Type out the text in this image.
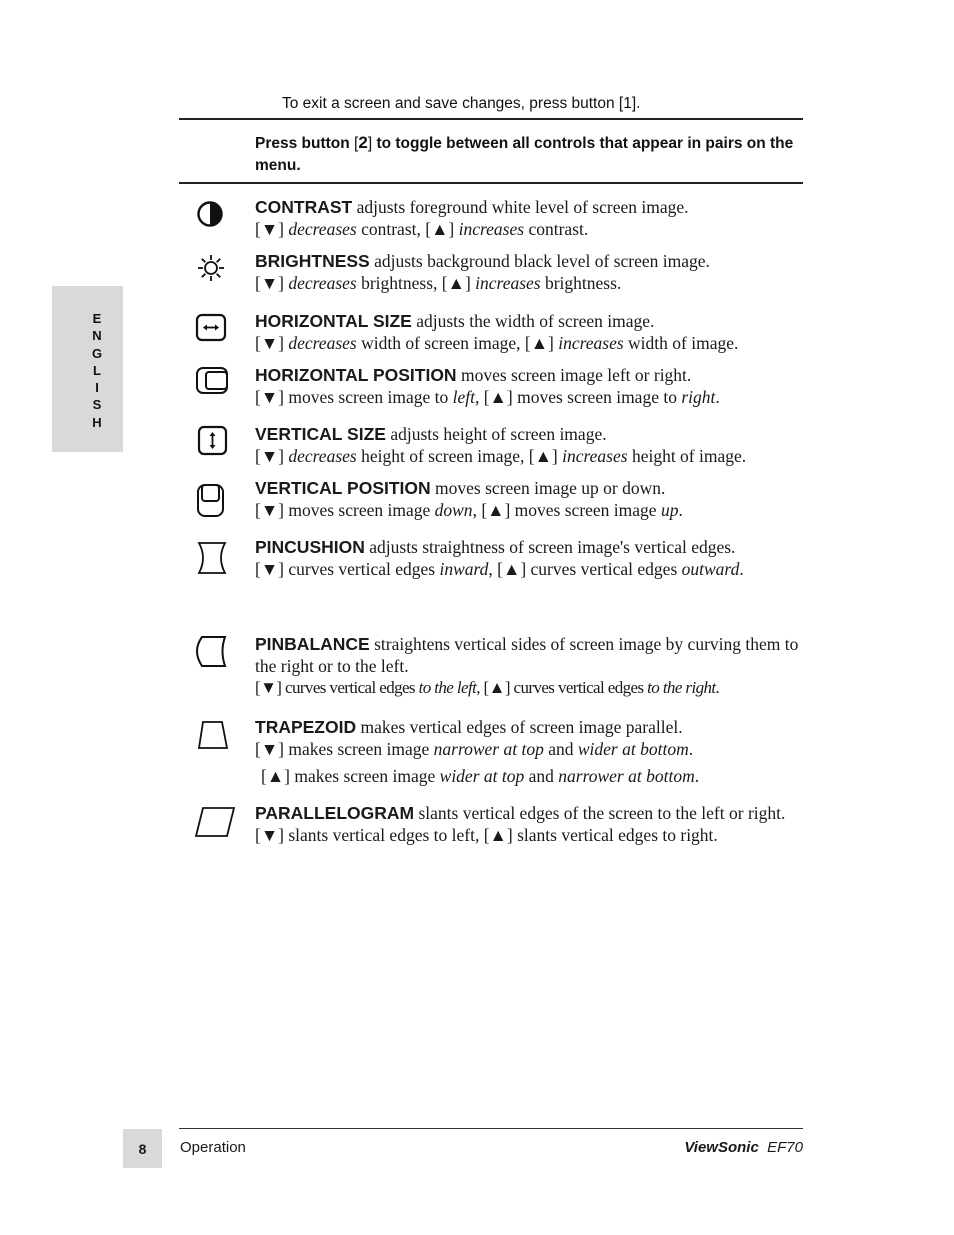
E
N
G
L
I
S
H
To exit a screen and save changes, press button [1].
Press button [2] to toggle between all controls that appear in pairs on the menu.
CONTRAST adjusts foreground white level of screen image.
[▼] decreases contrast, [▲] increases contrast.
BRIGHTNESS adjusts background black level of screen image.
[▼] decreases brightness, [▲] increases brightness.
HORIZONTAL SIZE adjusts the width of screen image.
[▼] decreases width of screen image, [▲] increases width of image.
HORIZONTAL POSITION moves screen image left or right.
[▼] moves screen image to left, [▲] moves screen image to right.
VERTICAL SIZE adjusts height of screen image.
[▼] decreases height of screen image, [▲] increases height of image.
VERTICAL POSITION moves screen image up or down.
[▼] moves screen image down, [▲] moves screen image up.
PINCUSHION adjusts straightness of screen image's vertical edges.
[▼] curves vertical edges inward, [▲] curves vertical edges outward.
PINBALANCE straightens vertical sides of screen image by curving them to the right or to the left.
[▼] curves vertical edges to the left, [▲] curves vertical edges to the right.
TRAPEZOID makes vertical edges of screen image parallel.
[▼] makes screen image narrower at top and wider at bottom.
[▲] makes screen image wider at top and narrower at bottom.
PARALLELOGRAM slants vertical edges of the screen to the left or right.
[▼] slants vertical edges to left, [▲] slants vertical edges to right.
8	Operation	ViewSonic EF70
